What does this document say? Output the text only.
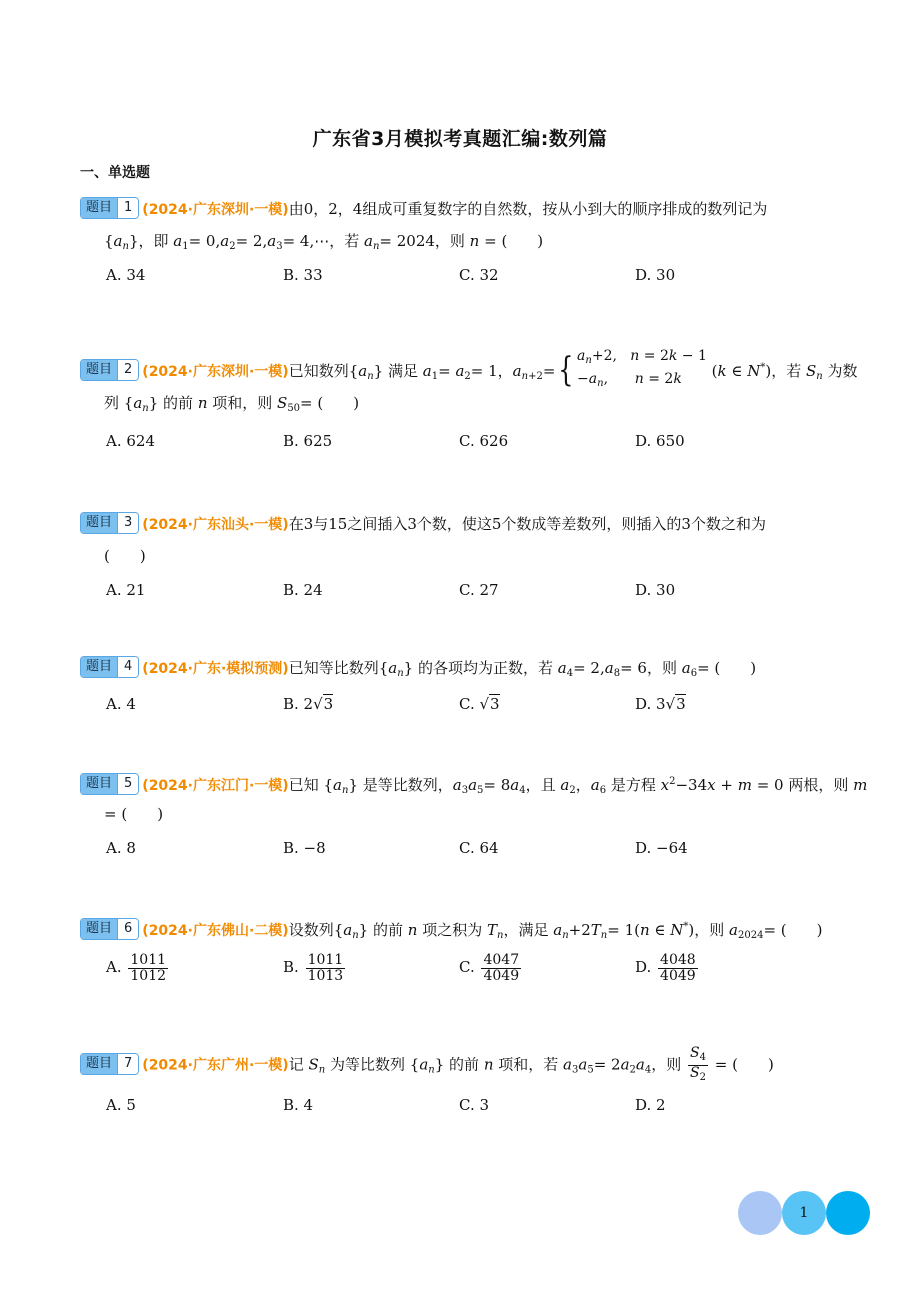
广东省3月模拟考真题汇编:数列篇
一、单选题
题目 1 (2024·广东深圳·一模)由0，2，4组成可重复数字的自然数，按从小到大的顺序排成的数列记为
$\{a_n\}$，即 $a_1= 0,a_2= 2,a_3=$ 4,⋯，若 $a_n= 2024$，则 n = (　　)
A. 34	B. 33	C. 32	D. 30
题目 2 (2024·广东深圳·一模)已知数列$\{a_n\}$ 满足 $a_1= a_2= 1$，$a_{n+2}=$ { $a_n+2$,   n = 2k − 1
$-a_n$,      n = 2k	(k ∈ N*)，若 $S_n$ 为数
列 $\{a_n\}$ 的前 n 项和，则 $S_{50}=$ (　　)
A. 624	B. 625	C. 626	D. 650
题目 3 (2024·广东汕头·一模)在3与15之间插入3个数，使这5个数成等差数列，则插入的3个数之和为
(　　)
A. 21	B. 24	C. 27	D. 30
题目 4 (2024·广东·模拟预测)已知等比数列$\{a_n\}$ 的各项均为正数，若 $a_4= 2,a_8= 6$，则 $a_6=$ (　　)
A. 4	B. 2√3	C. √3	D. 3√3
题目 5 (2024·广东江门·一模)已知 $\{a_n\}$ 是等比数列，$a_3a_5= 8a_4$，且 $a_2$，$a_6$ 是方程 $x^2-34x + m = 0$ 两根，则 m
= (　　)
A. 8	B. −8	C. 64	D. −64
题目 6 (2024·广东佛山·二模)设数列$\{a_n\}$ 的前 n 项之积为 $T_n$，满足 $a_n+2T_n= 1(n$ ∈ N*)，则 $a_{2024}=$ (　　)
A. $\frac{1011}{1012}$	B. $\frac{1011}{1013}$	C. $\frac{4047}{4049}$	D. $\frac{4048}{4049}$
题目 7 (2024·广东广州·一模)记 $S_n$ 为等比数列 $\{a_n\}$ 的前 n 项和，若 $a_3a_5= 2a_2a_4$，则 $\frac{S_4}{S_2}$ = (　　)
A. 5	B. 4	C. 3	D. 2
1
